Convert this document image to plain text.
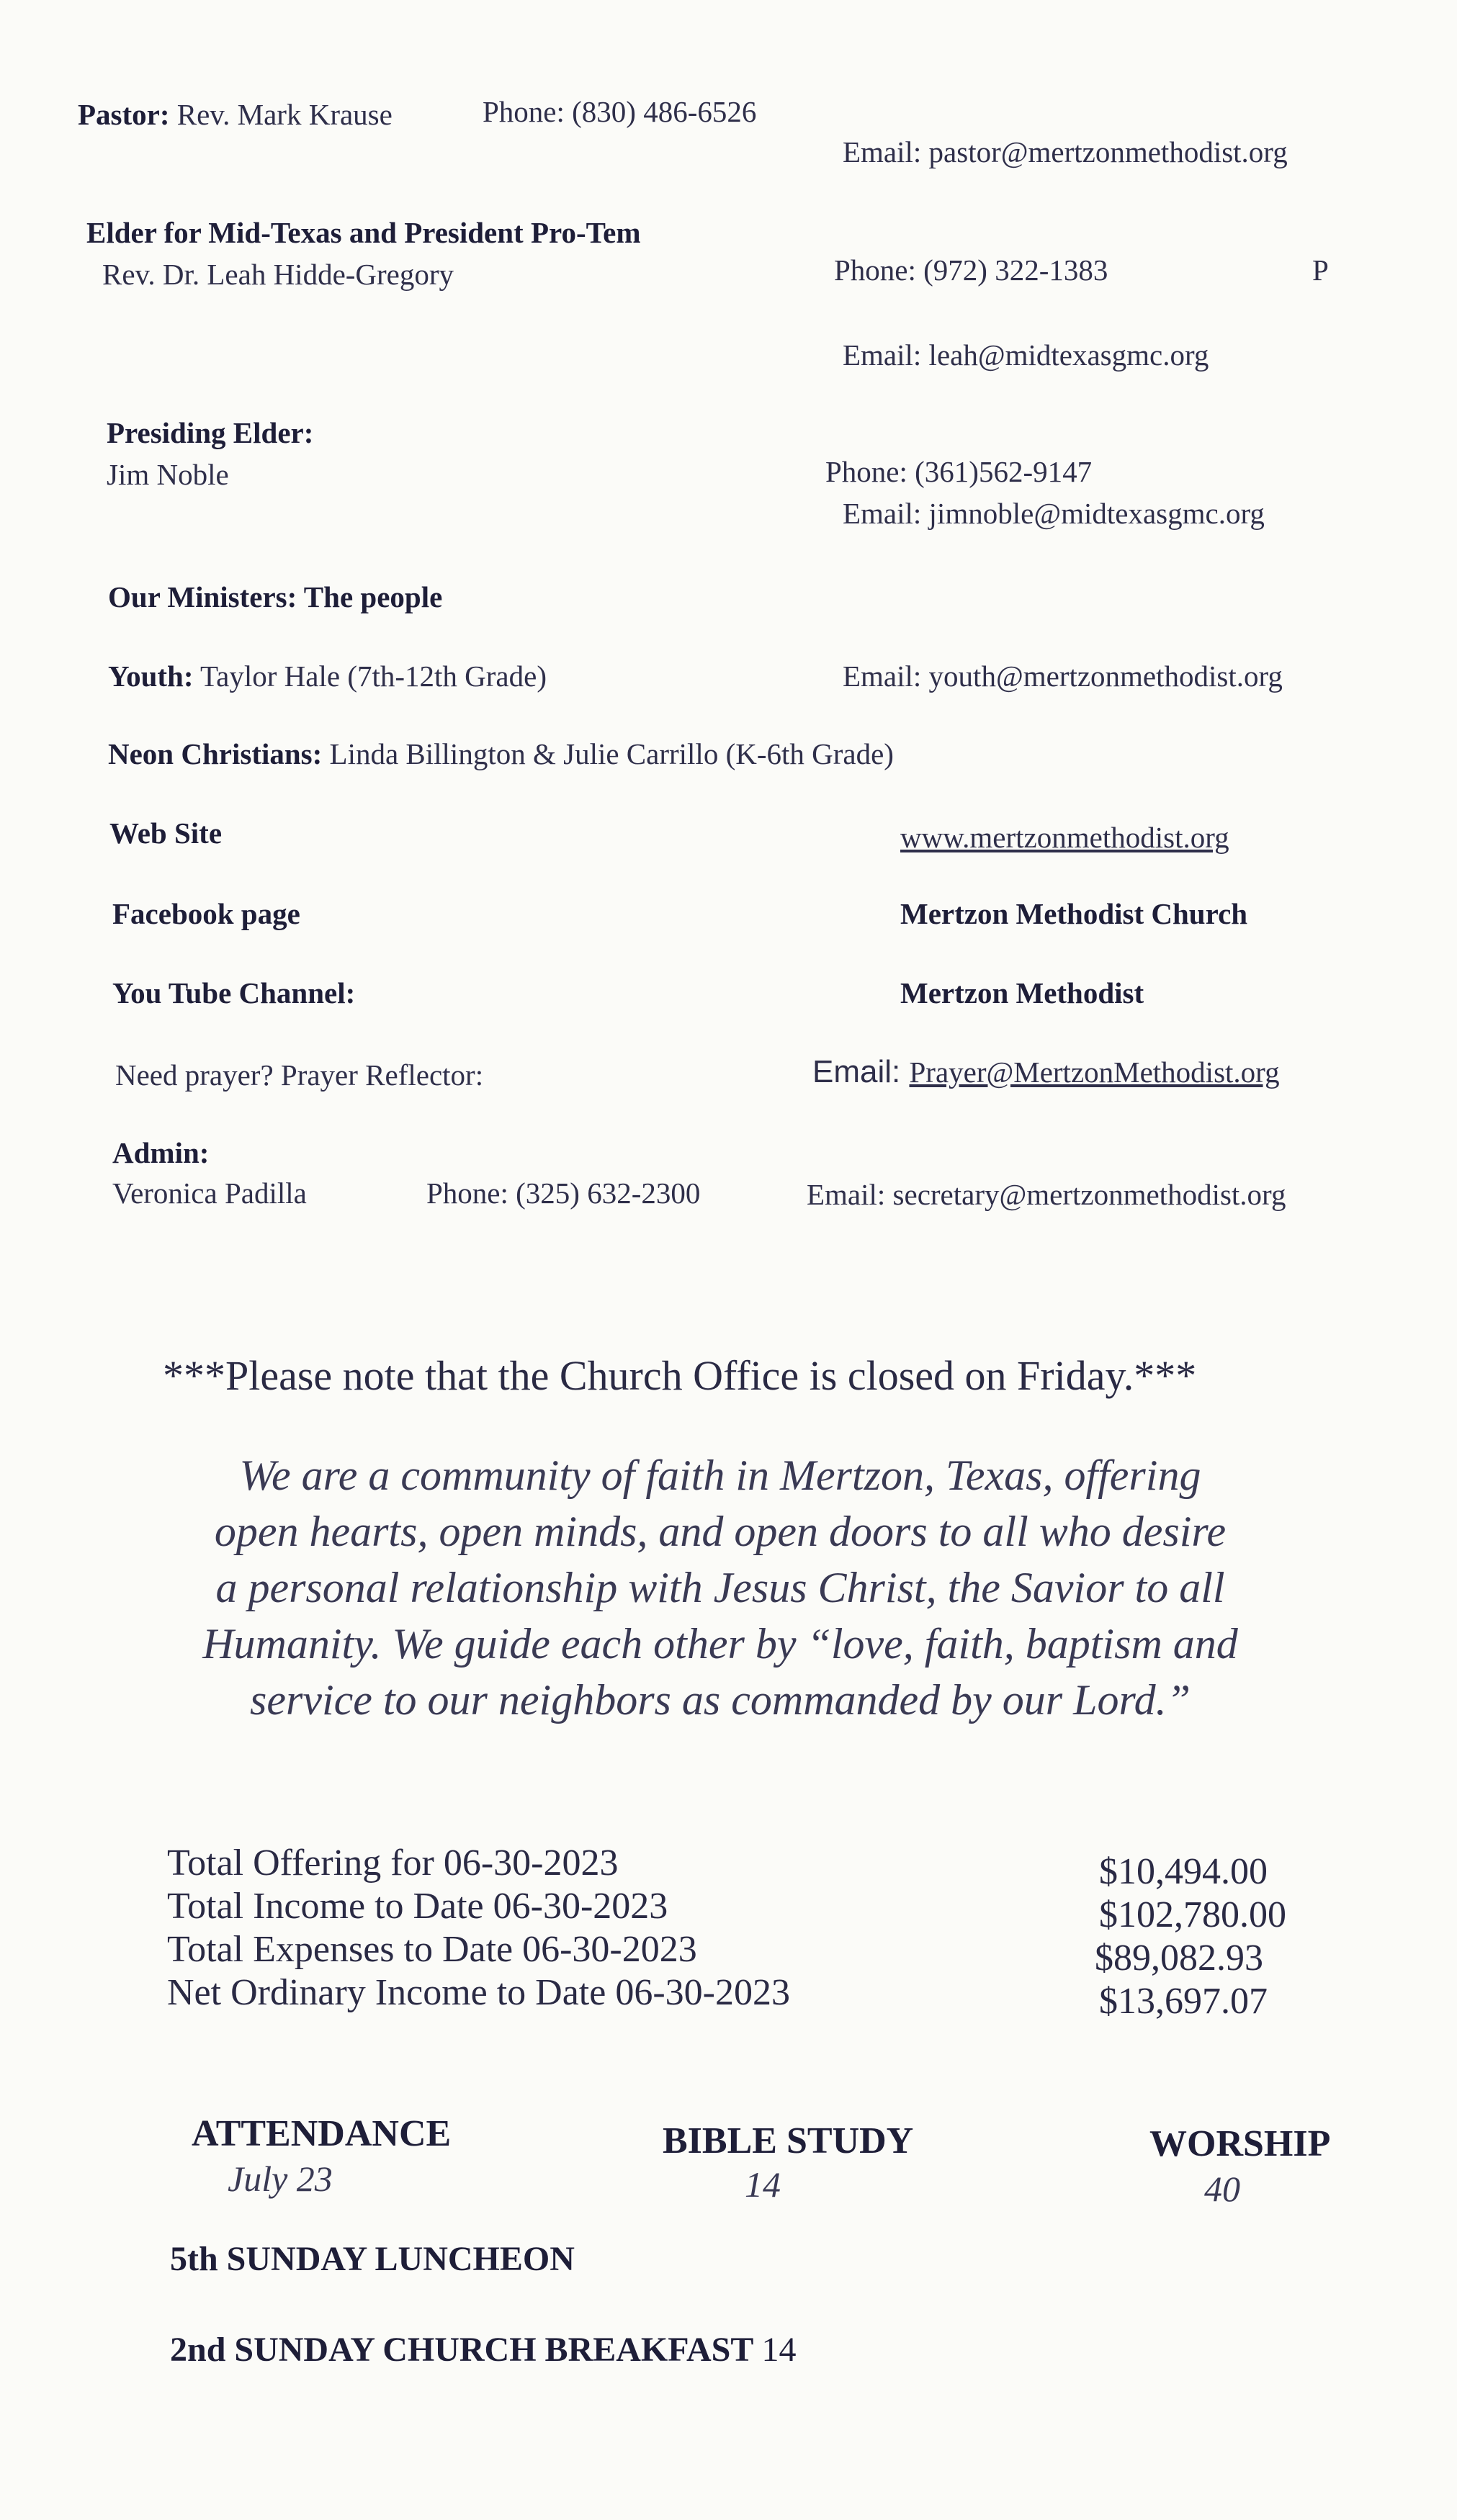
Pastor: Rev. Mark Krause	Phone: (830) 486-6526
Email: pastor@mertzonmethodist.org
Elder for Mid-Texas and President Pro-Tem
Rev. Dr. Leah Hidde-Gregory	Phone: (972) 322-1383	P
Email: leah@midtexasgmc.org
Presiding Elder:
Jim Noble	Phone: (361)562-9147
Email: jimnoble@midtexasgmc.org
Our Ministers: The people
Youth: Taylor Hale (7th-12th Grade)	Email: youth@mertzonmethodist.org
Neon Christians: Linda Billington & Julie Carrillo (K-6th Grade)
Web Site	www.mertzonmethodist.org
Facebook page	Mertzon Methodist Church
You Tube Channel:	Mertzon Methodist
Need prayer? Prayer Reflector:	Email: Prayer@MertzonMethodist.org
Admin:
Veronica Padilla	Phone: (325) 632-2300	Email: secretary@mertzonmethodist.org
***Please note that the Church Office is closed on Friday.***
We are a community of faith in Mertzon, Texas, offering
open hearts, open minds, and open doors to all who desire
a personal relationship with Jesus Christ, the Savior to all
Humanity. We guide each other by “love, faith, baptism and
service to our neighbors as commanded by our Lord.”
Total Offering for 06-30-2023	$10,494.00
Total Income to Date 06-30-2023	$102,780.00
Total Expenses to Date 06-30-2023	$89,082.93
Net Ordinary Income to Date 06-30-2023	$13,697.07
ATTENDANCE
July 23
BIBLE STUDY
14
WORSHIP
40
5th SUNDAY LUNCHEON
2nd SUNDAY CHURCH BREAKFAST 14
